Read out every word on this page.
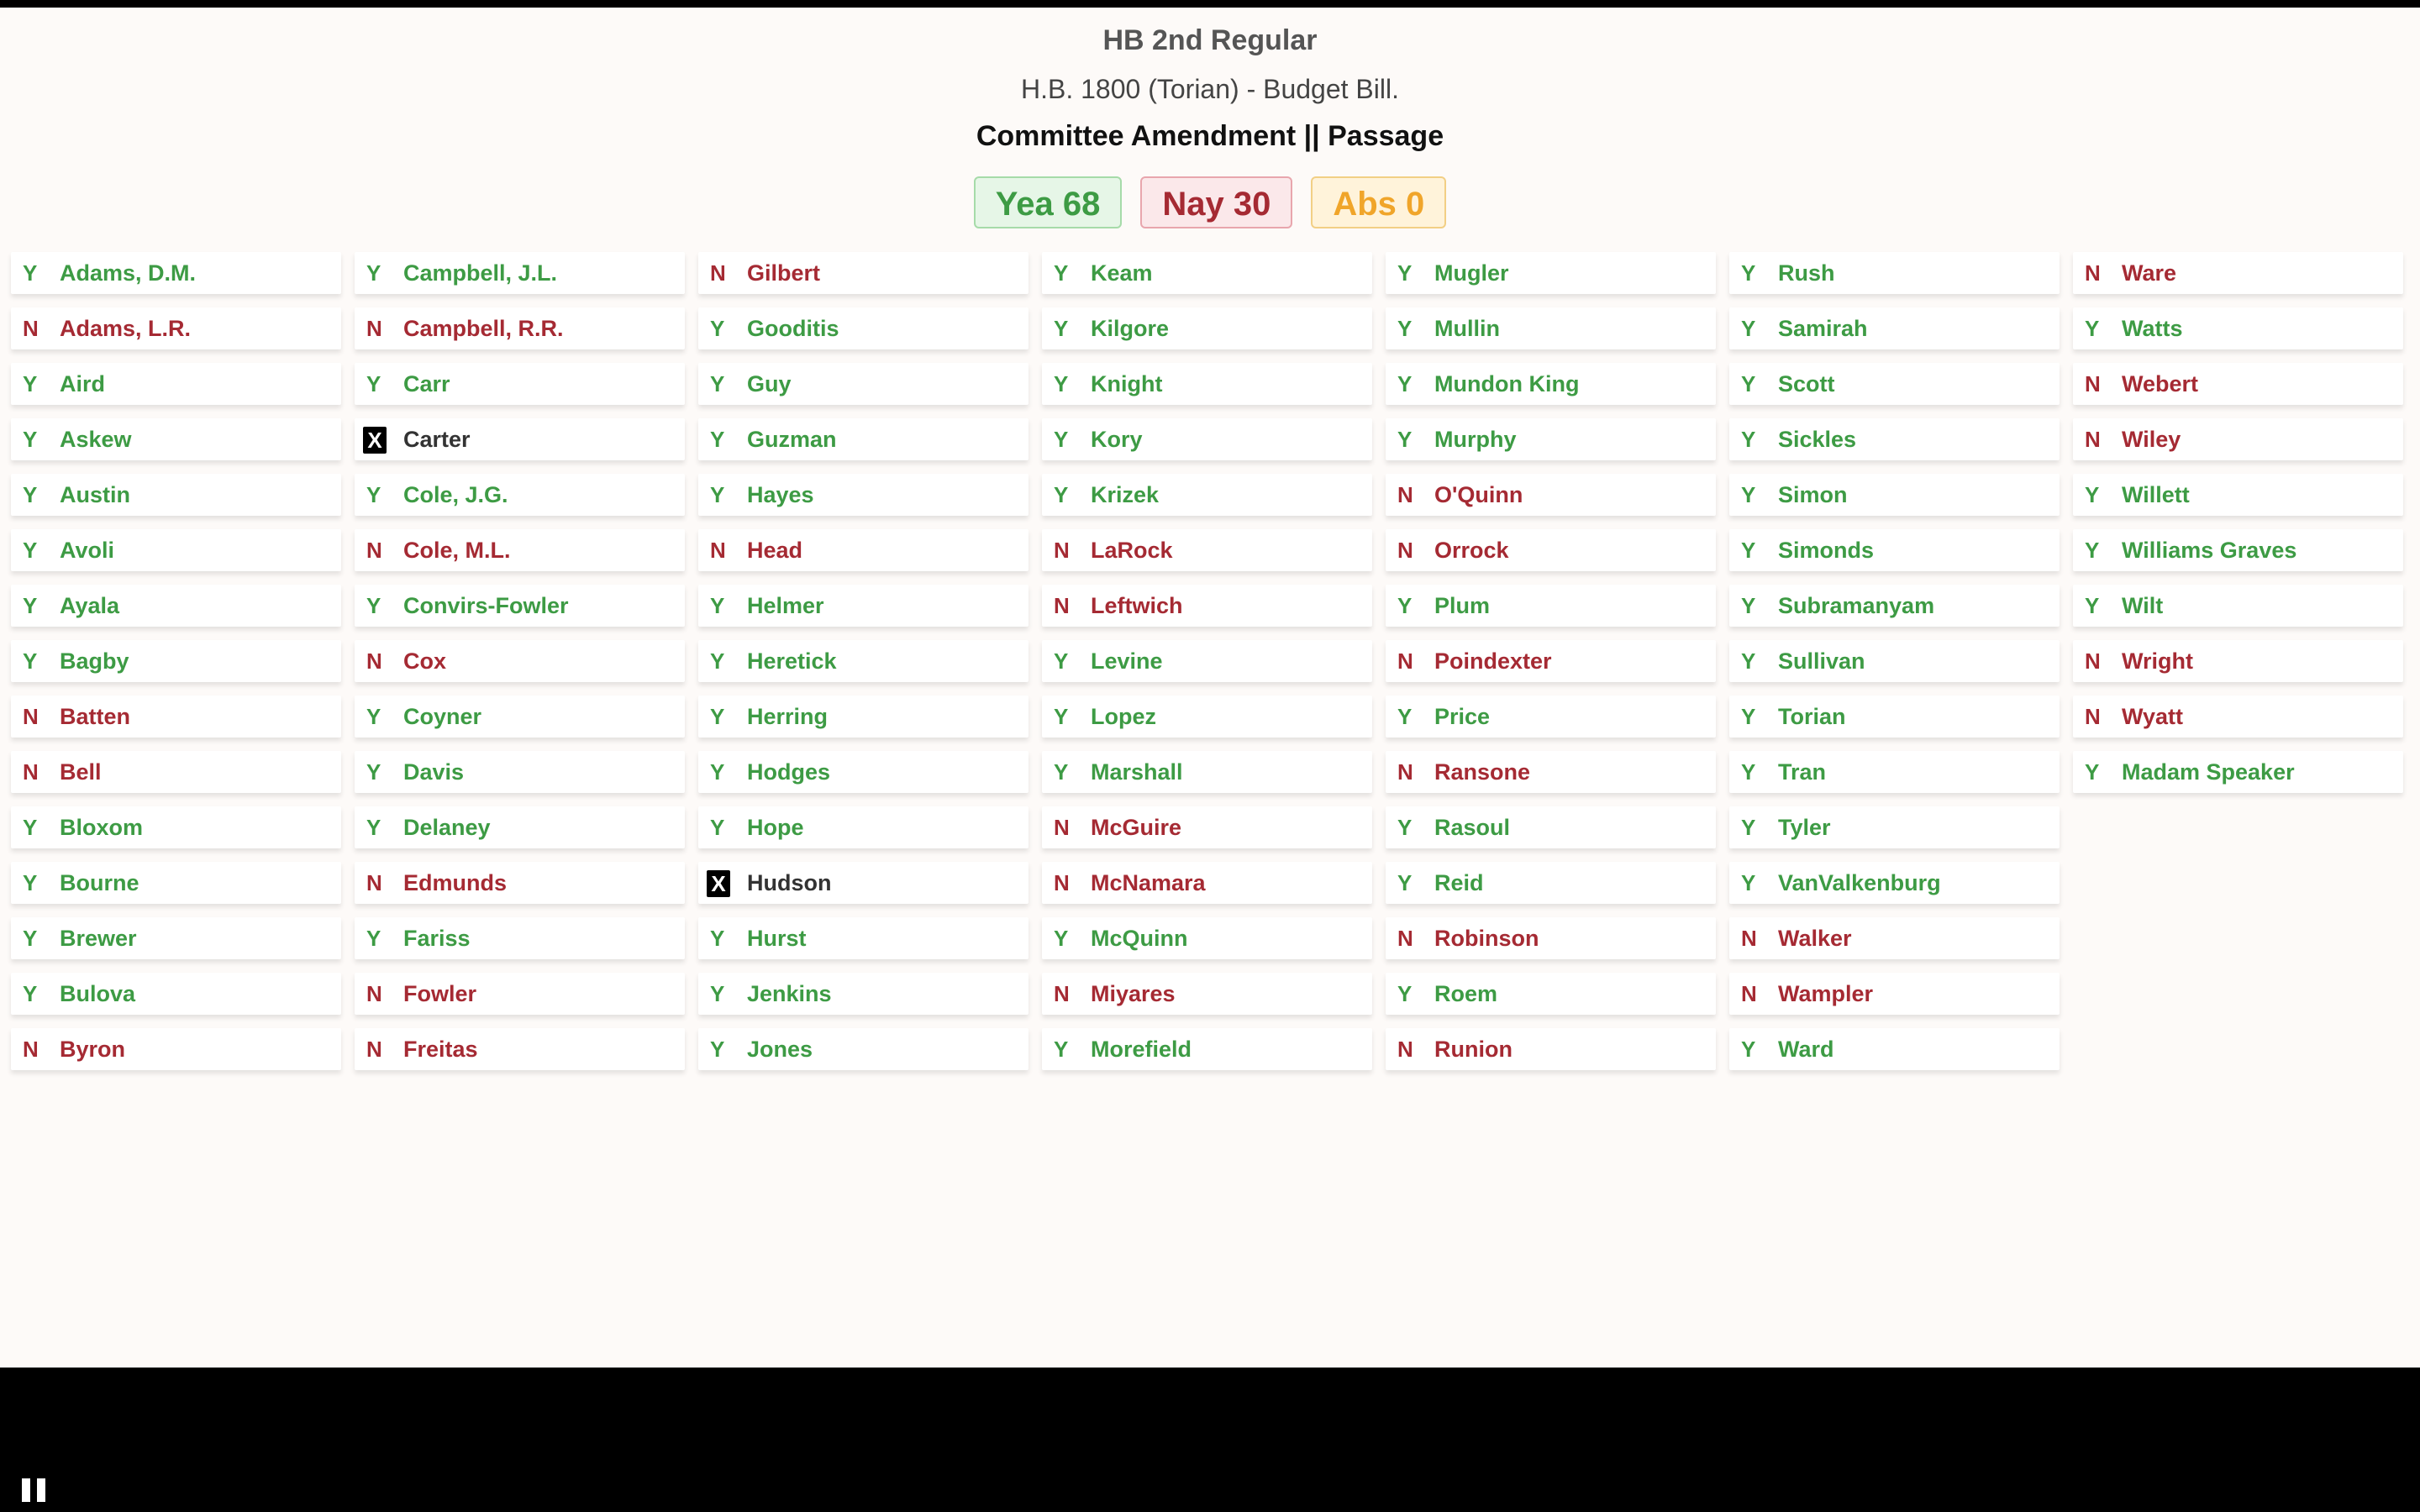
HB 2nd Regular
H.B. 1800 (Torian) - Budget Bill.
Committee Amendment || Passage
Yea 68	Nay 30	Abs 0
Y Adams, D.M.
N Adams, L.R.
Y Aird
Y Askew
Y Austin
Y Avoli
Y Ayala
Y Bagby
N Batten
N Bell
Y Bloxom
Y Bourne
Y Brewer
Y Bulova
N Byron
Y Campbell, J.L.
N Campbell, R.R.
Y Carr
X Carter
Y Cole, J.G.
N Cole, M.L.
Y Convirs-Fowler
N Cox
Y Coyner
Y Davis
Y Delaney
N Edmunds
Y Fariss
N Fowler
N Freitas
N Gilbert
Y Gooditis
Y Guy
Y Guzman
Y Hayes
N Head
Y Helmer
Y Heretick
Y Herring
Y Hodges
Y Hope
X Hudson
Y Hurst
Y Jenkins
Y Jones
Y Keam
Y Kilgore
Y Knight
Y Kory
Y Krizek
N LaRock
N Leftwich
Y Levine
Y Lopez
Y Marshall
N McGuire
N McNamara
Y McQuinn
N Miyares
Y Morefield
Y Mugler
Y Mullin
Y Mundon King
Y Murphy
N O'Quinn
N Orrock
Y Plum
N Poindexter
Y Price
N Ransone
Y Rasoul
Y Reid
N Robinson
Y Roem
N Runion
Y Rush
Y Samirah
Y Scott
Y Sickles
Y Simon
Y Simonds
Y Subramanyam
Y Sullivan
Y Torian
Y Tran
Y Tyler
Y VanValkenburg
N Walker
N Wampler
Y Ward
N Ware
Y Watts
N Webert
N Wiley
Y Willett
Y Williams Graves
Y Wilt
N Wright
N Wyatt
Y Madam Speaker
